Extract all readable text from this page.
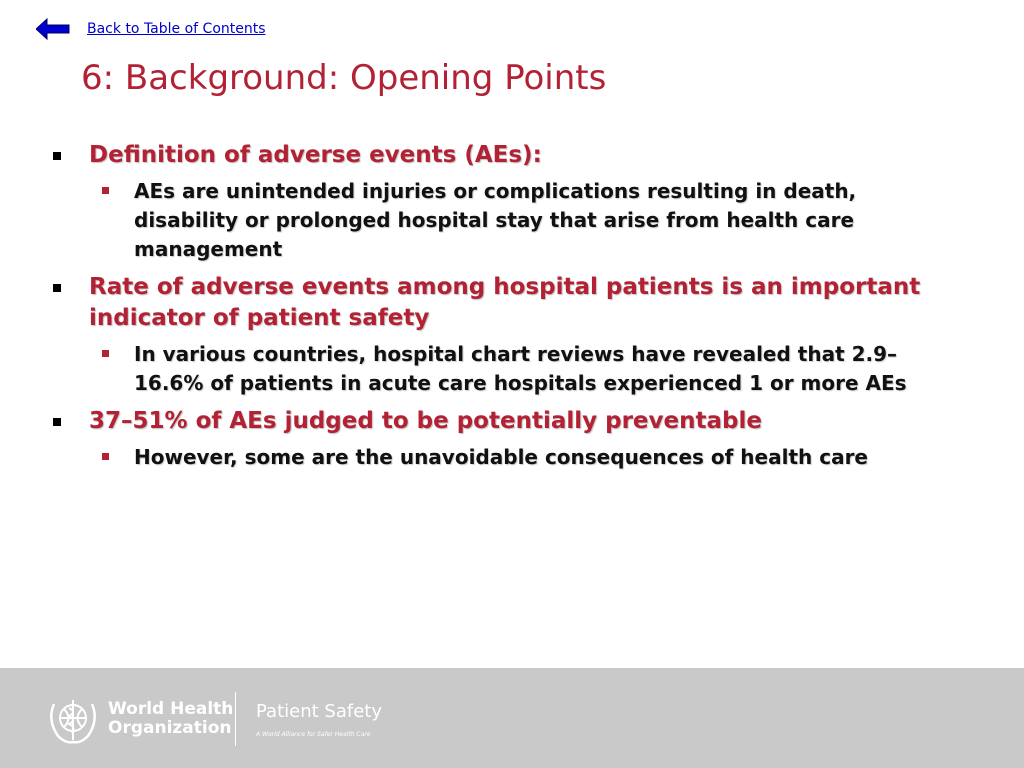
Back to Table of Contents
6: Background: Opening Points
Definition of adverse events (AEs):
AEs are unintended injuries or complications resulting in death, disability or prolonged hospital stay that arise from health care management
Rate of adverse events among hospital patients is an important indicator of patient safety
In various countries, hospital chart reviews have revealed that 2.9–16.6% of patients in acute care hospitals experienced 1 or more AEs
37–51% of AEs judged to be potentially preventable
However, some are the unavoidable consequences of health care
World Health
Organization
Patient Safety
A World Alliance for Safer Health Care
